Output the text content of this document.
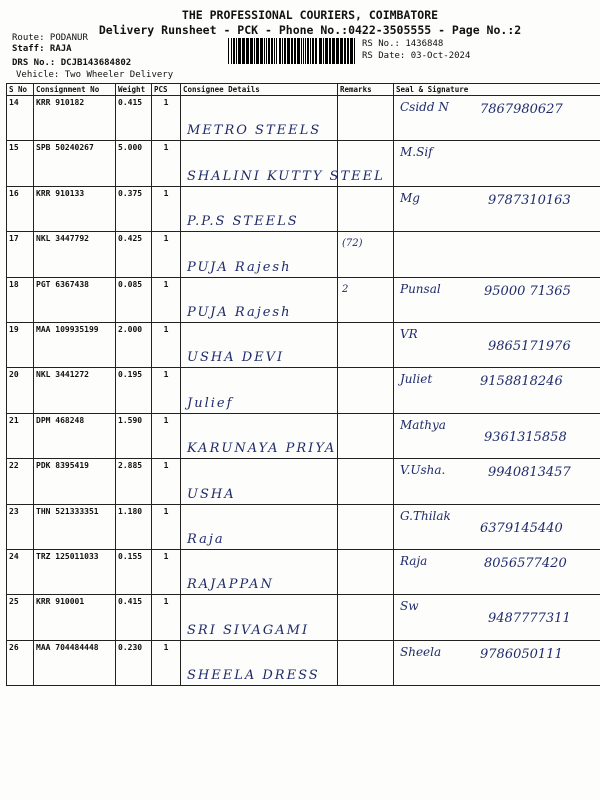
THE PROFESSIONAL COURIERS, COIMBATORE
Delivery Runsheet - PCK - Phone No.:0422-3505555 - Page No.:2
Route: PODANUR
Staff: RAJA
DRS No.: DCJB143684802
Vehicle: Two Wheeler Delivery
RS No.: 1436848
RS Date: 03-Oct-2024
S No	Consignment No	Weight	PCS	Consignee Details	Remarks	Seal & Signature
14	KRR 910182	0.415	1	METRO STEELS		Csidd N 7867980627

15	SPB 50240267	5.000	1	SHALINI KUTTY STEEL		M.Sif

16	KRR 910133	0.375	1	P.P.S STEELS		Mg 9787310163

17	NKL 3447792	0.425	1	PUJA Rajesh	(72)	

18	PGT 6367438	0.085	1	PUJA Rajesh	2	Punsal 95000 71365

19	MAA 109935199	2.000	1	USHA DEVI		VR
9865171976

20	NKL 3441272	0.195	1	Julief		Juliet 9158818246

21	DPM 468248	1.590	1	KARUNAYA PRIYA		Mathya
9361315858

22	PDK 8395419	2.885	1	USHA		V.Usha. 9940813457

23	THN 521333351	1.180	1	Raja		G.Thilak
6379145440

24	TRZ 125011033	0.155	1	RAJAPPAN		Raja 8056577420

25	KRR 910001	0.415	1	SRI SIVAGAMI		Sw
9487777311

26	MAA 704484448	0.230	1	SHEELA DRESS		Sheela 9786050111
